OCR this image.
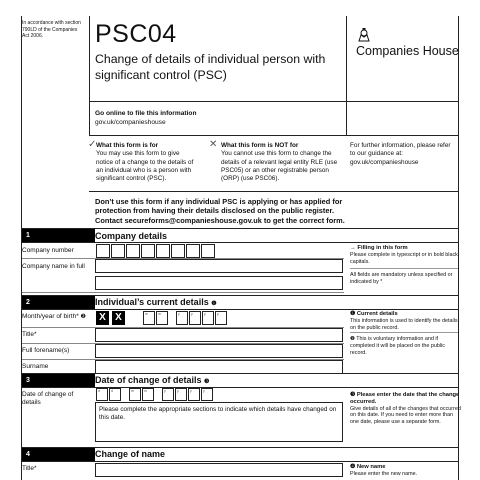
In accordance with section 790LD of the Companies Act 2006.	PSC04
Change of details of individual person with significant control (PSC)
Companies House
Go online to file this information
gov.uk/companieshouse
✓ What this form is for
You may use this form to give notice of a change to the details of an individual who is a person with significant control (PSC).
✕ What this form is NOT for
You cannot use this form to change the details of a relevant legal entity RLE (use PSC05) or an other registrable person (ORP) (use PSC06).
For further information, please refer to our guidance at: gov.uk/companieshouse
Don’t use this form if any individual PSC is applying or has applied for protection from having their details disclosed on the public register. Contact secureforms@companieshouse.gov.uk to get the correct form.
1	Company details
Company number
Company name in full
→ Filling in this form
Please complete in typescript or in bold black capitals.
All fields are mandatory unless specified or indicated by *
2	Individual’s current details ❶
Month/year of birth* ❷	X X	m	m	y	y	y	y
Title*
Full forename(s)
Surname
❶ Current details
This information is used to identify the details on the public record.
❷ This is voluntary information and if completed it will be placed on the public record.
3	Date of change of details ❸
Date of change of details
d	d	m	m	y	y	y	y
Please complete the appropriate sections to indicate which details have changed on this date.
❸ Please enter the date that the change occurred.
Give details of all of the changes that occurred on this date. If you need to enter more than one date, please use a separate form.
4	Change of name
Title*	❹ New name
Please enter the new name.
